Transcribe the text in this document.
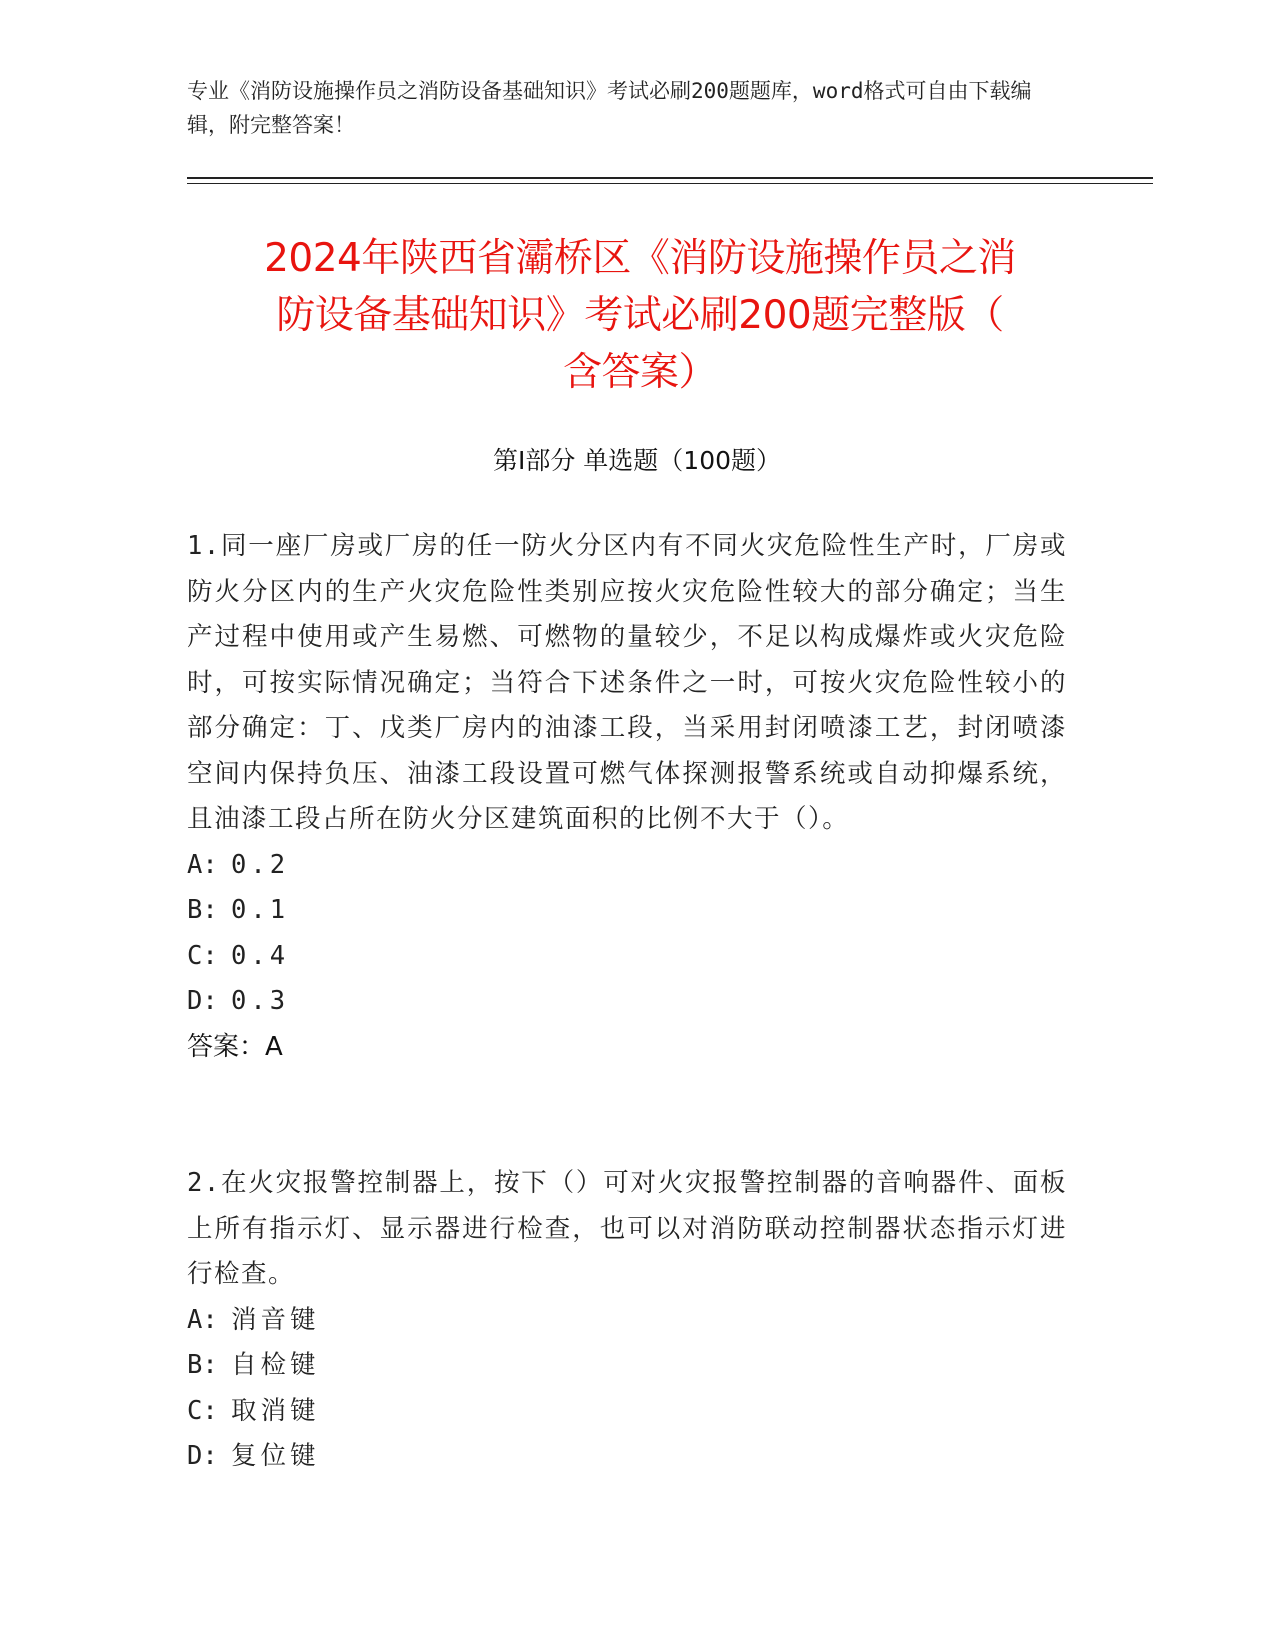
专业《消防设施操作员之消防设备基础知识》考试必刷200题题库，word格式可自由下载编辑，附完整答案！
2024年陕西省灞桥区《消防设施操作员之消
防设备基础知识》考试必刷200题完整版（
含答案）
第Ⅰ部分 单选题（100题）
1.同一座厂房或厂房的任一防火分区内有不同火灾危险性生产时，厂房或防火分区内的生产火灾危险性类别应按火灾危险性较大的部分确定；当生产过程中使用或产生易燃、可燃物的量较少，不足以构成爆炸或火灾危险时，可按实际情况确定；当符合下述条件之一时，可按火灾危险性较小的部分确定：丁、戊类厂房内的油漆工段，当采用封闭喷漆工艺，封闭喷漆空间内保持负压、油漆工段设置可燃气体探测报警系统或自动抑爆系统，且油漆工段占所在防火分区建筑面积的比例不大于（）。
A: 0.2
B: 0.1
C: 0.4
D: 0.3
答案：A
2.在火灾报警控制器上，按下（）可对火灾报警控制器的音响器件、面板上所有指示灯、显示器进行检查，也可以对消防联动控制器状态指示灯进行检查。
A: 消音键
B: 自检键
C: 取消键
D: 复位键
